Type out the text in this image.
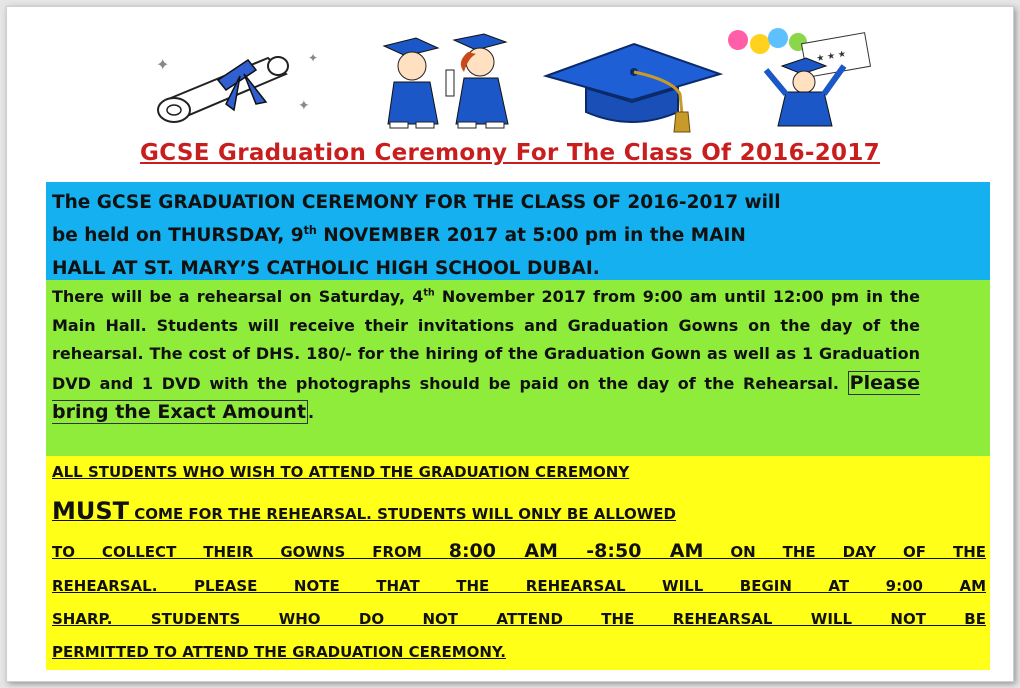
✦
✦
✦	★ ★ ★
GCSE Graduation Ceremony For The Class Of 2016-2017
The GCSE GRADUATION CEREMONY FOR THE CLASS OF 2016-2017 will
be held on THURSDAY, 9th NOVEMBER 2017 at 5:00 pm in the MAIN
HALL AT ST. MARY’S CATHOLIC HIGH SCHOOL DUBAI.
There will be a rehearsal on Saturday, 4th November 2017 from 9:00 am until 12:00 pm in the Main Hall. Students will receive their invitations and Graduation Gowns on the day of the rehearsal. The cost of DHS. 180/- for the hiring of the Graduation Gown as well as 1 Graduation DVD and 1 DVD with the photographs should be paid on the day of the Rehearsal. Please bring the Exact Amount .
ALL STUDENTS WHO WISH TO ATTEND THE GRADUATION CEREMONY
MUST COME FOR THE REHEARSAL. STUDENTS WILL ONLY BE ALLOWED
TO COLLECT THEIR GOWNS FROM 8:00 AM -8:50 AM ON THE DAY OF THE
REHEARSAL. PLEASE NOTE THAT THE REHEARSAL WILL BEGIN AT 9:00 AM
SHARP. STUDENTS WHO DO NOT ATTEND THE REHEARSAL WILL NOT BE
PERMITTED TO ATTEND THE GRADUATION CEREMONY.
